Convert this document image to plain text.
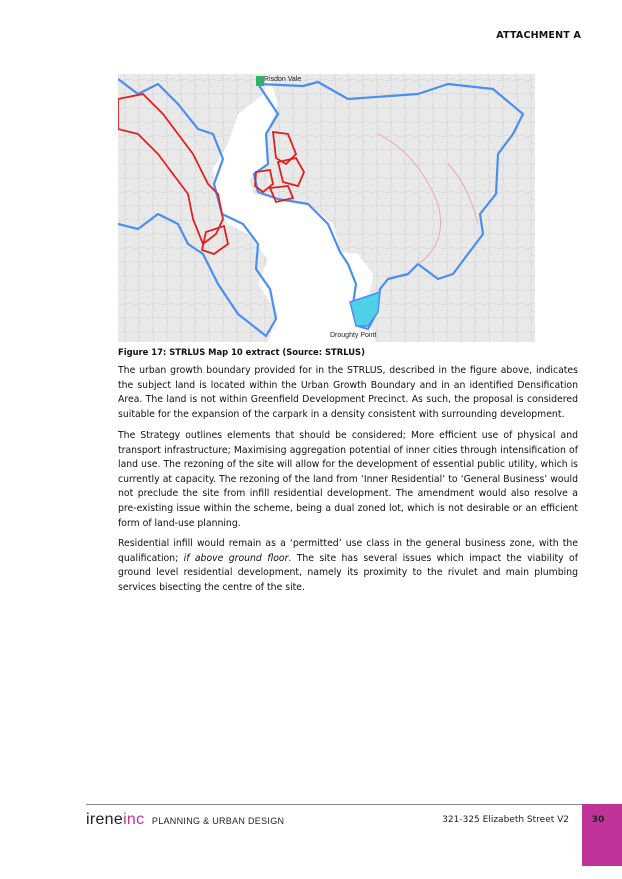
ATTACHMENT A
Risdon Vale
Droughty Point
Figure 17: STRLUS Map 10 extract (Source: STRLUS)

The urban growth boundary provided for in the STRLUS, described in the figure above, indicates the subject land is located within the Urban Growth Boundary and in an identified Densification Area. The land is not within Greenfield Development Precinct. As such, the proposal is considered suitable for the expansion of the carpark in a density consistent with surrounding development.

The Strategy outlines elements that should be considered; More efficient use of physical and transport infrastructure; Maximising aggregation potential of inner cities through intensification of land use. The rezoning of the site will allow for the development of essential public utility, which is currently at capacity. The rezoning of the land from ‘Inner Residential’ to ‘General Business’ would not preclude the site from infill residential development. The amendment would also resolve a pre-existing issue within the scheme, being a dual zoned lot, which is not desirable or an efficient form of land-use planning.

Residential infill would remain as a ‘permitted’ use class in the general business zone, with the qualification; if above ground floor. The site has several issues which impact the viability of ground level residential development, namely its proximity to the rivulet and main plumbing services bisecting the centre of the site.

ireneinc PLANNING & URBAN DESIGN	321-325 Elizabeth Street V2	30
